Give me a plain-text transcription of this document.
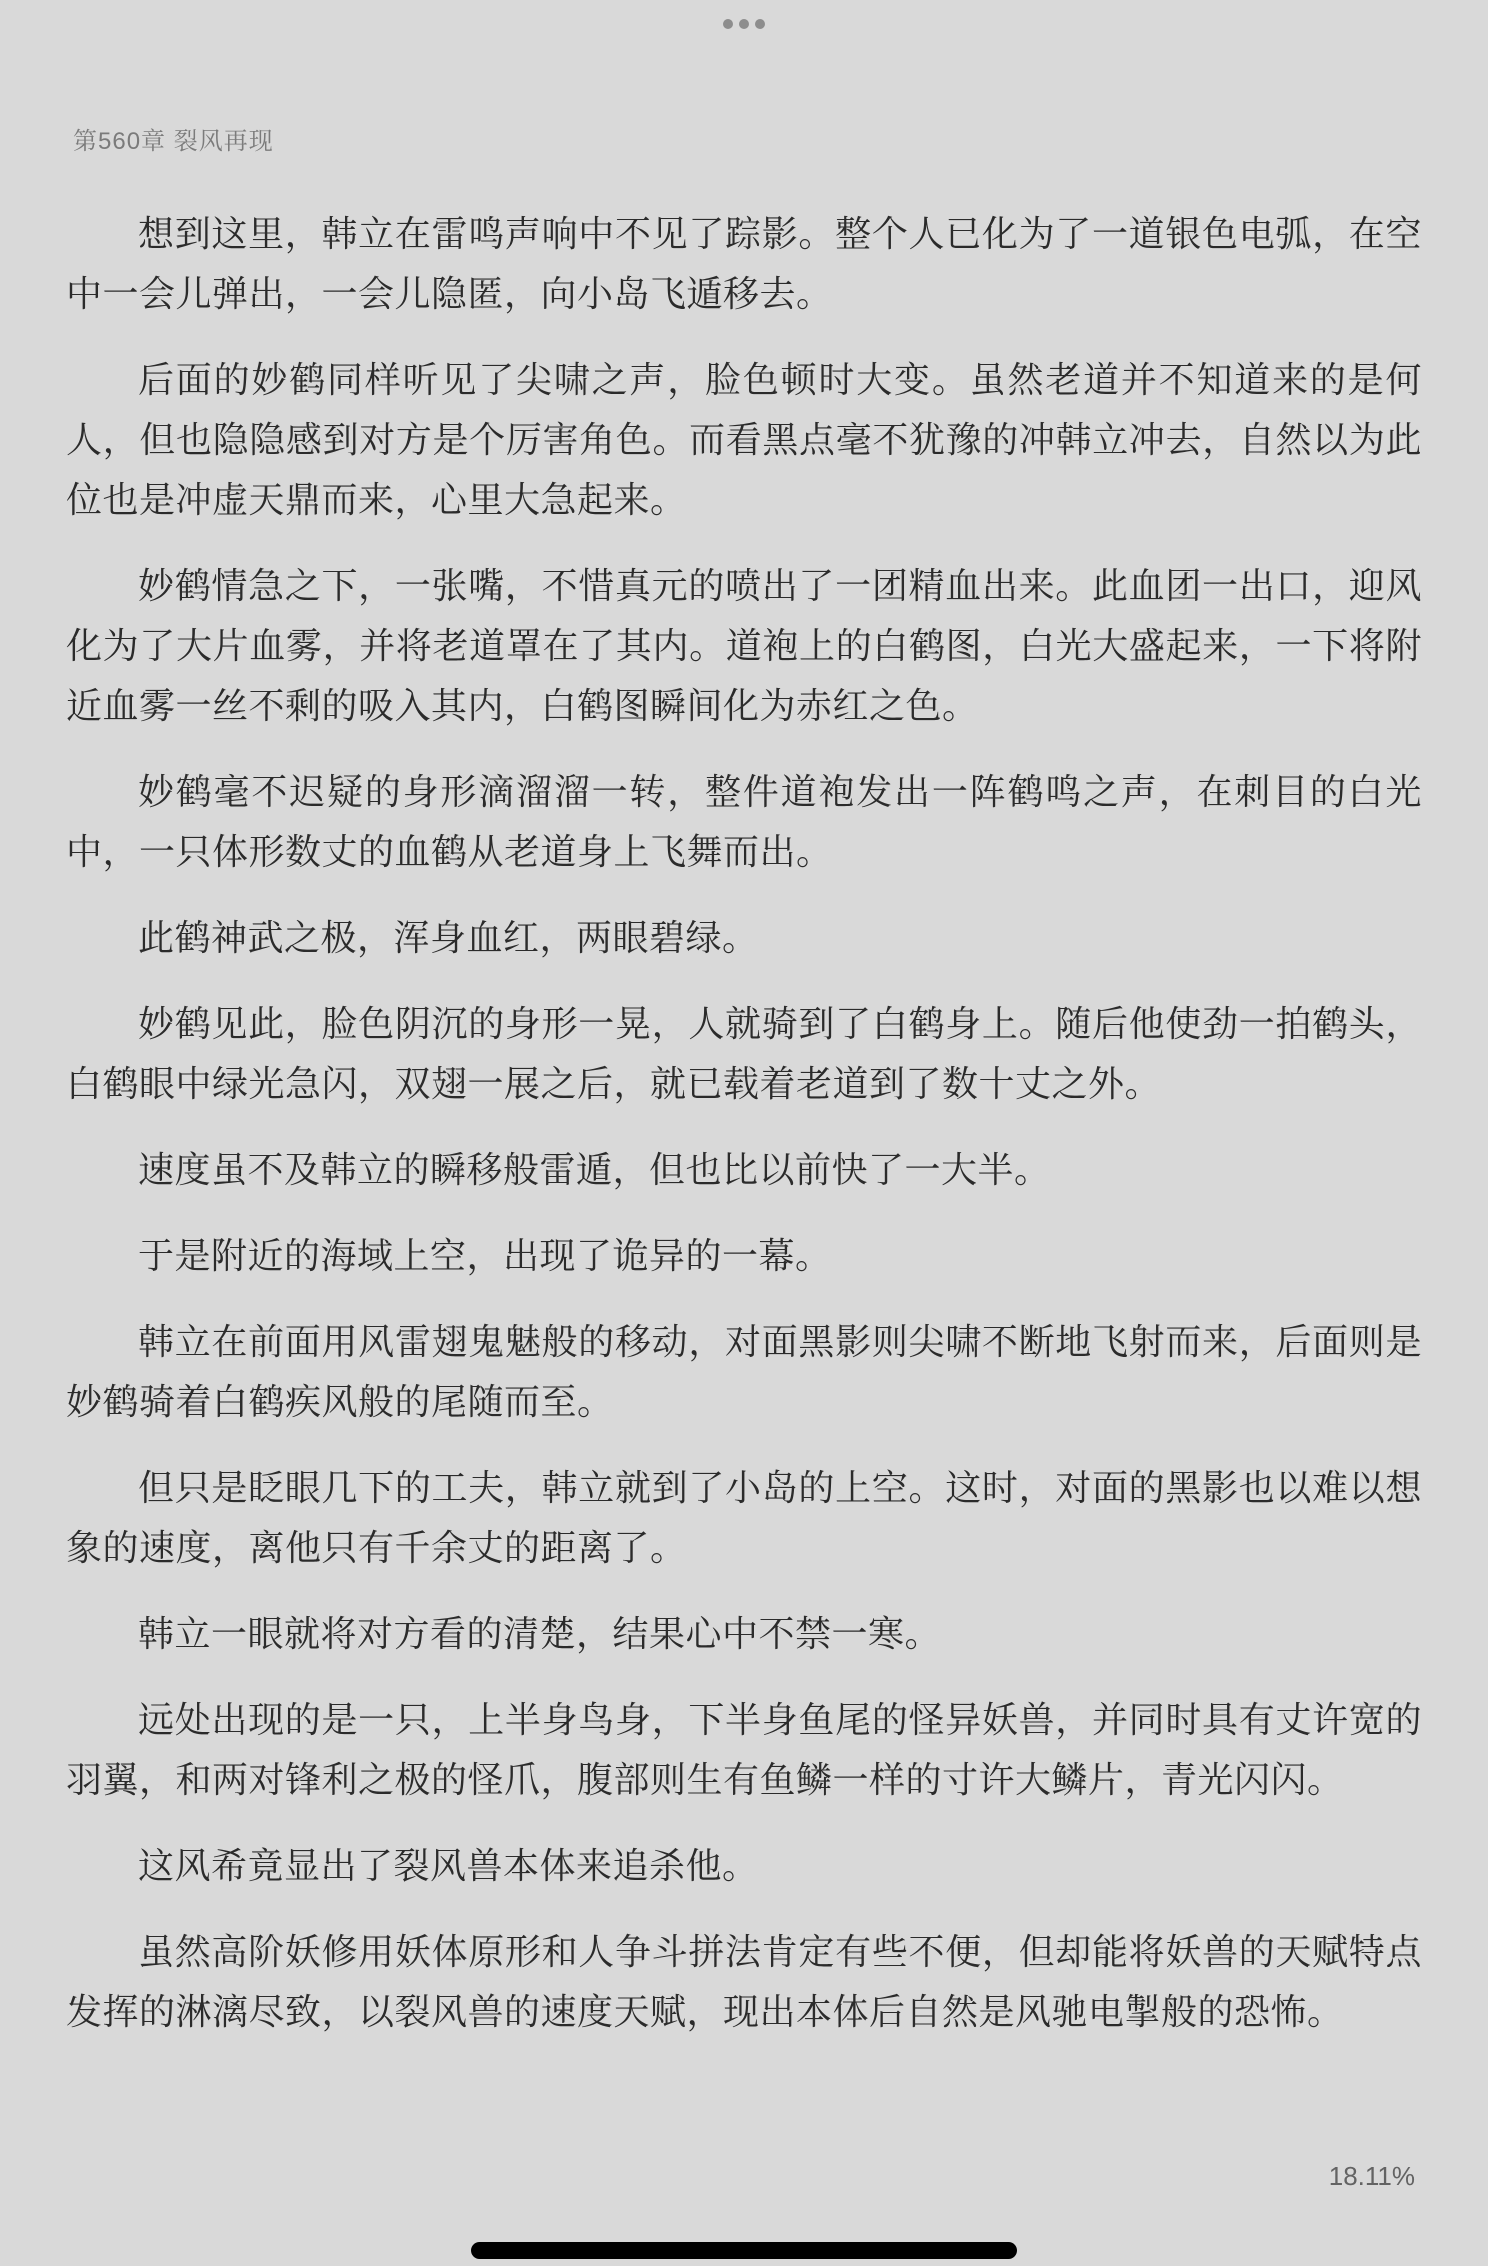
第560章 裂风再现

想到这里，韩立在雷鸣声响中不见了踪影。整个人已化为了一道银色电弧，在空中一会儿弹出，一会儿隐匿，向小岛飞遁移去。

后面的妙鹤同样听见了尖啸之声，脸色顿时大变。虽然老道并不知道来的是何人，但也隐隐感到对方是个厉害角色。而看黑点毫不犹豫的冲韩立冲去，自然以为此位也是冲虚天鼎而来，心里大急起来。

妙鹤情急之下，一张嘴，不惜真元的喷出了一团精血出来。此血团一出口，迎风化为了大片血雾，并将老道罩在了其内。道袍上的白鹤图，白光大盛起来，一下将附近血雾一丝不剩的吸入其内，白鹤图瞬间化为赤红之色。

妙鹤毫不迟疑的身形滴溜溜一转，整件道袍发出一阵鹤鸣之声，在刺目的白光中，一只体形数丈的血鹤从老道身上飞舞而出。

此鹤神武之极，浑身血红，两眼碧绿。

妙鹤见此，脸色阴沉的身形一晃，人就骑到了白鹤身上。随后他使劲一拍鹤头，白鹤眼中绿光急闪，双翅一展之后，就已载着老道到了数十丈之外。

速度虽不及韩立的瞬移般雷遁，但也比以前快了一大半。

于是附近的海域上空，出现了诡异的一幕。

韩立在前面用风雷翅鬼魅般的移动，对面黑影则尖啸不断地飞射而来，后面则是妙鹤骑着白鹤疾风般的尾随而至。

但只是眨眼几下的工夫，韩立就到了小岛的上空。这时，对面的黑影也以难以想象的速度，离他只有千余丈的距离了。

韩立一眼就将对方看的清楚，结果心中不禁一寒。

远处出现的是一只，上半身鸟身，下半身鱼尾的怪异妖兽，并同时具有丈许宽的羽翼，和两对锋利之极的怪爪，腹部则生有鱼鳞一样的寸许大鳞片，青光闪闪。

这风希竟显出了裂风兽本体来追杀他。

虽然高阶妖修用妖体原形和人争斗拼法肯定有些不便，但却能将妖兽的天赋特点发挥的淋漓尽致，以裂风兽的速度天赋，现出本体后自然是风驰电掣般的恐怖。

18.11%
